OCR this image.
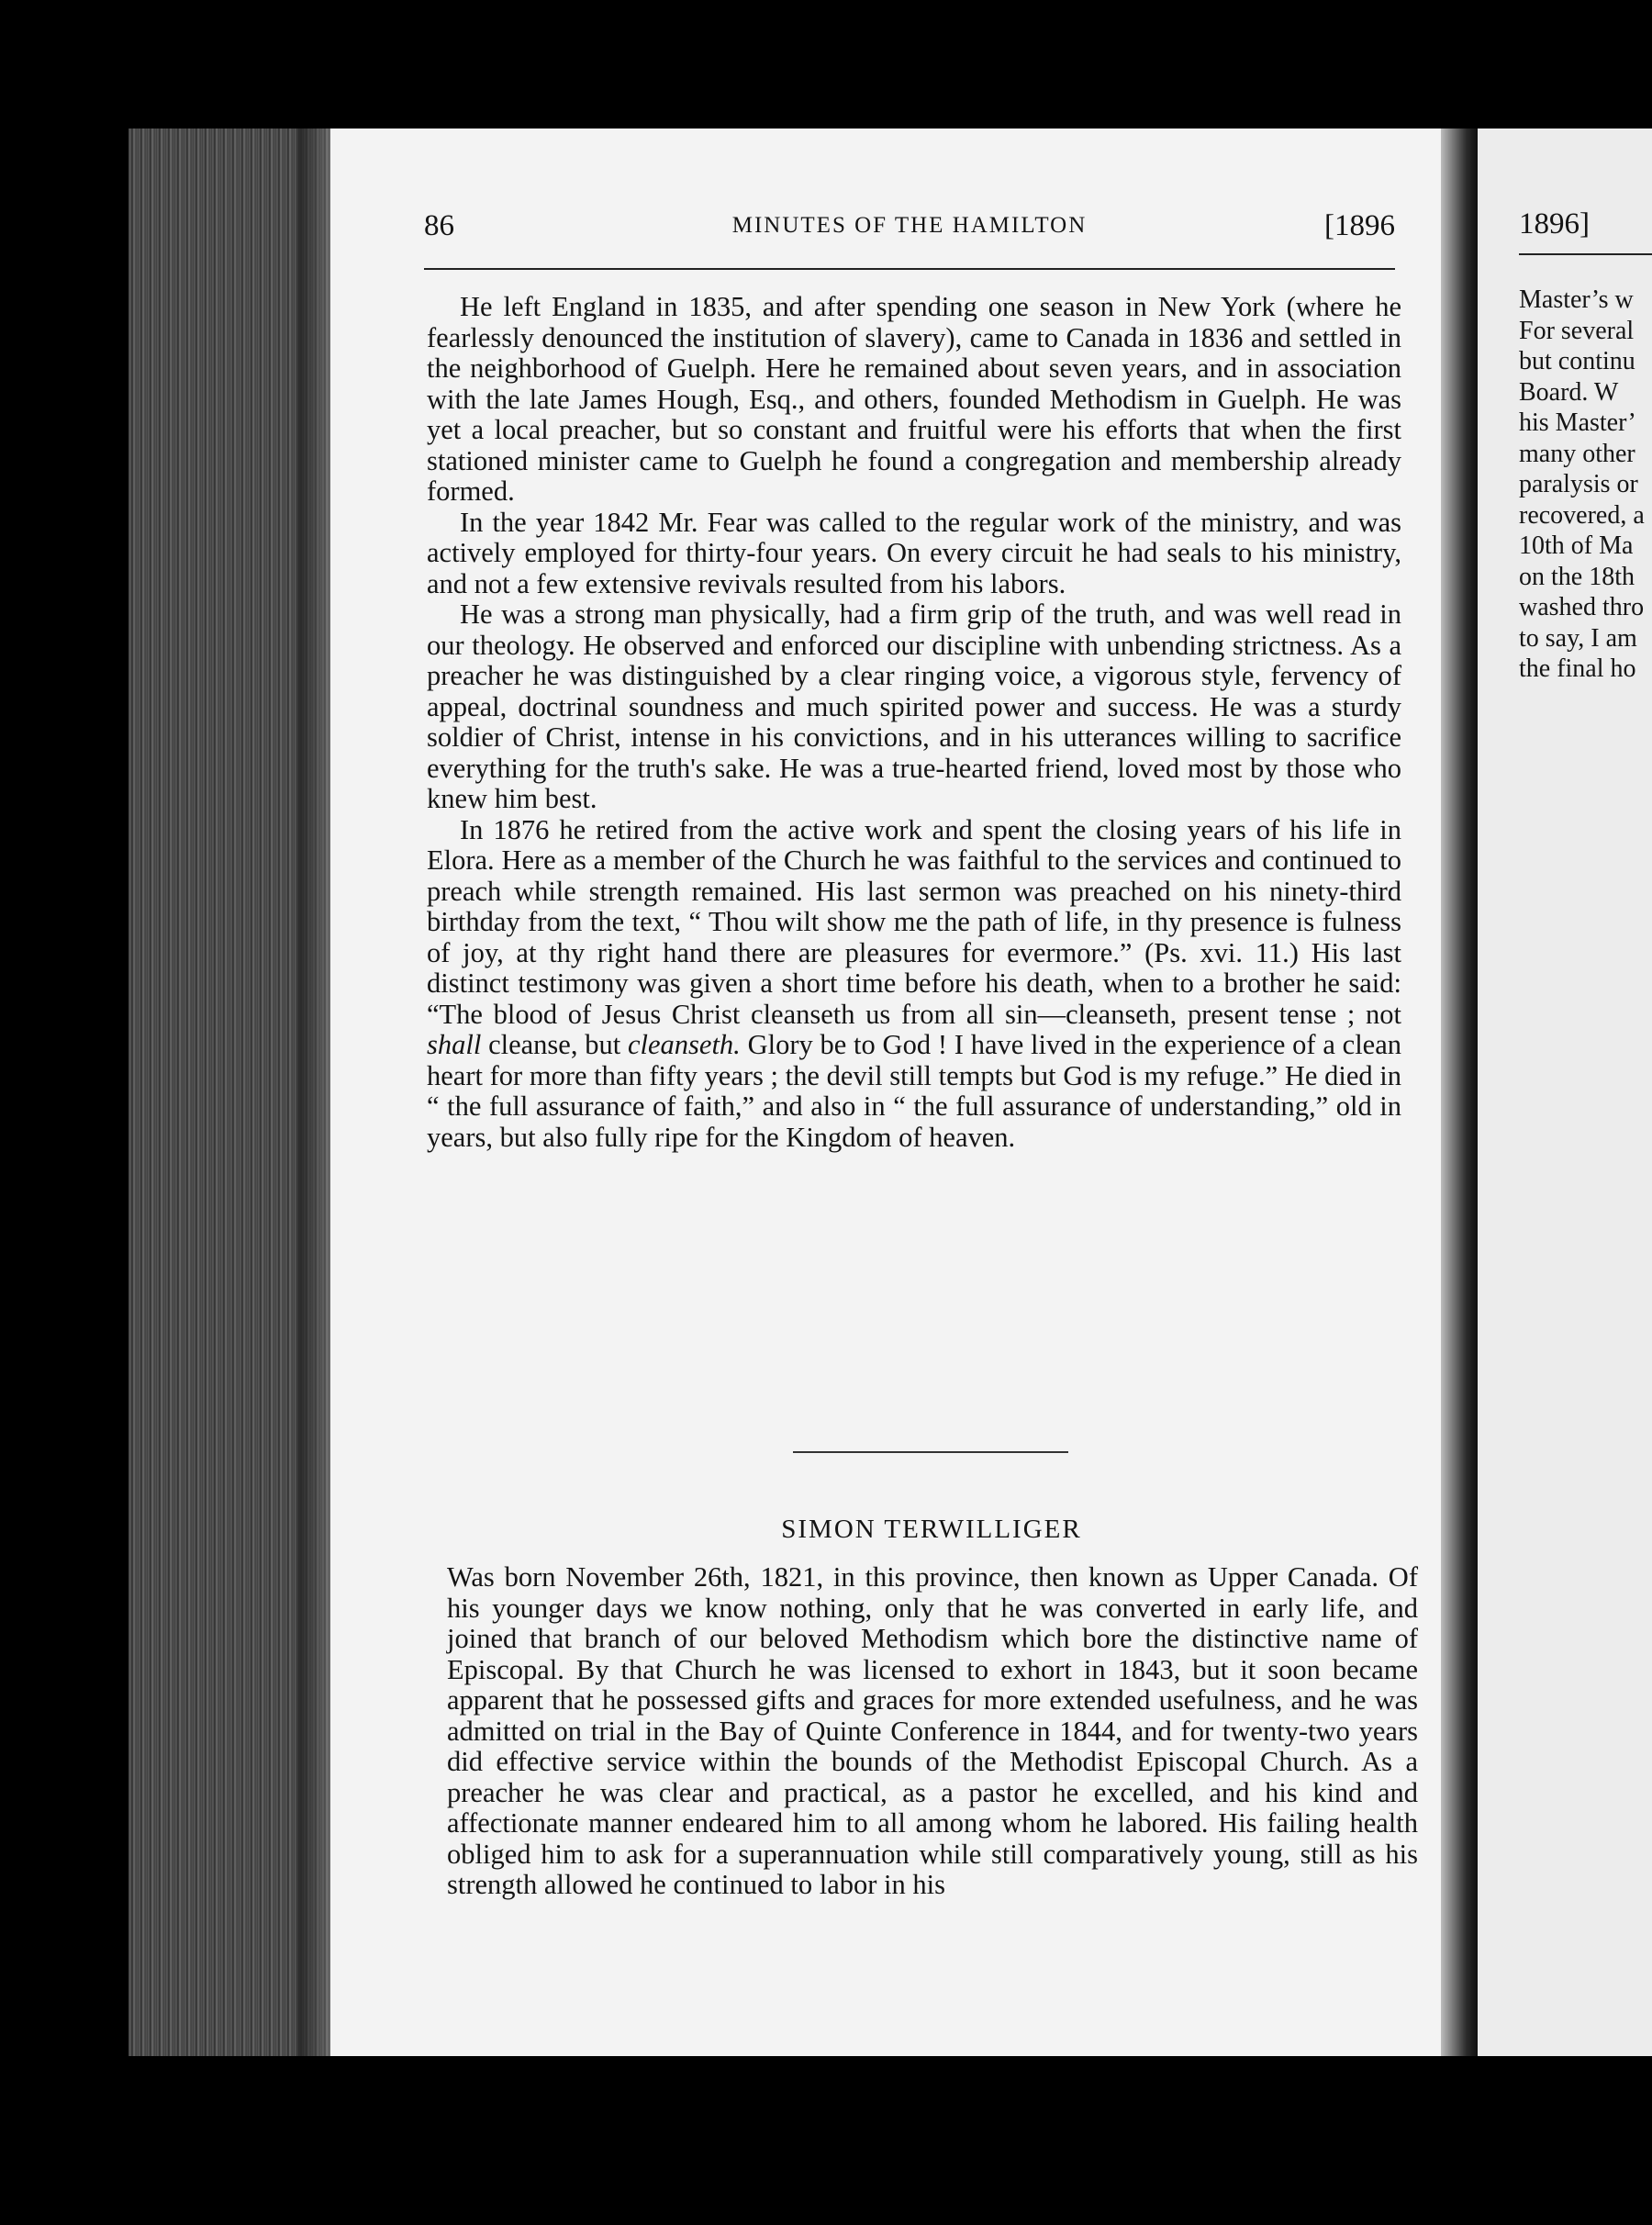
1896]
Master’s w
For several
but continu
Board. W
his Master’
many other
paralysis or
recovered, a
10th of Ma
on the 18th
washed thro
to say, I am
the final ho
86	MINUTES OF THE HAMILTON	[1896

He left England in 1835, and after spending one season in New York (where he fearlessly denounced the institution of slavery), came to Canada in 1836 and settled in the neighborhood of Guelph. Here he remained about seven years, and in association with the late James Hough, Esq., and others, founded Methodism in Guelph. He was yet a local preacher, but so constant and fruitful were his efforts that when the first stationed minister came to Guelph he found a congregation and membership already formed.

In the year 1842 Mr. Fear was called to the regular work of the ministry, and was actively employed for thirty-four years. On every circuit he had seals to his ministry, and not a few extensive revivals resulted from his labors.

He was a strong man physically, had a firm grip of the truth, and was well read in our theology. He observed and enforced our discipline with unbending strictness. As a preacher he was distinguished by a clear ringing voice, a vigorous style, fervency of appeal, doctrinal soundness and much spirited power and success. He was a sturdy soldier of Christ, intense in his convictions, and in his utterances willing to sacrifice everything for the truth's sake. He was a true-hearted friend, loved most by those who knew him best.

In 1876 he retired from the active work and spent the closing years of his life in Elora. Here as a member of the Church he was faithful to the services and continued to preach while strength remained. His last sermon was preached on his ninety-third birthday from the text, “ Thou wilt show me the path of life, in thy presence is fulness of joy, at thy right hand there are pleasures for evermore.” (Ps. xvi. 11.) His last distinct testimony was given a short time before his death, when to a brother he said: “The blood of Jesus Christ cleanseth us from all sin—cleanseth, present tense ; not shall cleanse, but cleanseth. Glory be to God ! I have lived in the experience of a clean heart for more than fifty years ; the devil still tempts but God is my refuge.” He died in “ the full assurance of faith,” and also in “ the full assurance of understanding,” old in years, but also fully ripe for the Kingdom of heaven.

SIMON TERWILLIGER

Was born November 26th, 1821, in this province, then known as Upper Canada. Of his younger days we know nothing, only that he was converted in early life, and joined that branch of our beloved Methodism which bore the distinctive name of Episcopal. By that Church he was licensed to exhort in 1843, but it soon became apparent that he possessed gifts and graces for more extended usefulness, and he was admitted on trial in the Bay of Quinte Conference in 1844, and for twenty-two years did effective service within the bounds of the Methodist Episcopal Church. As a preacher he was clear and practical, as a pastor he excelled, and his kind and affectionate manner endeared him to all among whom he labored. His failing health obliged him to ask for a superannuation while still comparatively young, still as his strength allowed he continued to labor in his
